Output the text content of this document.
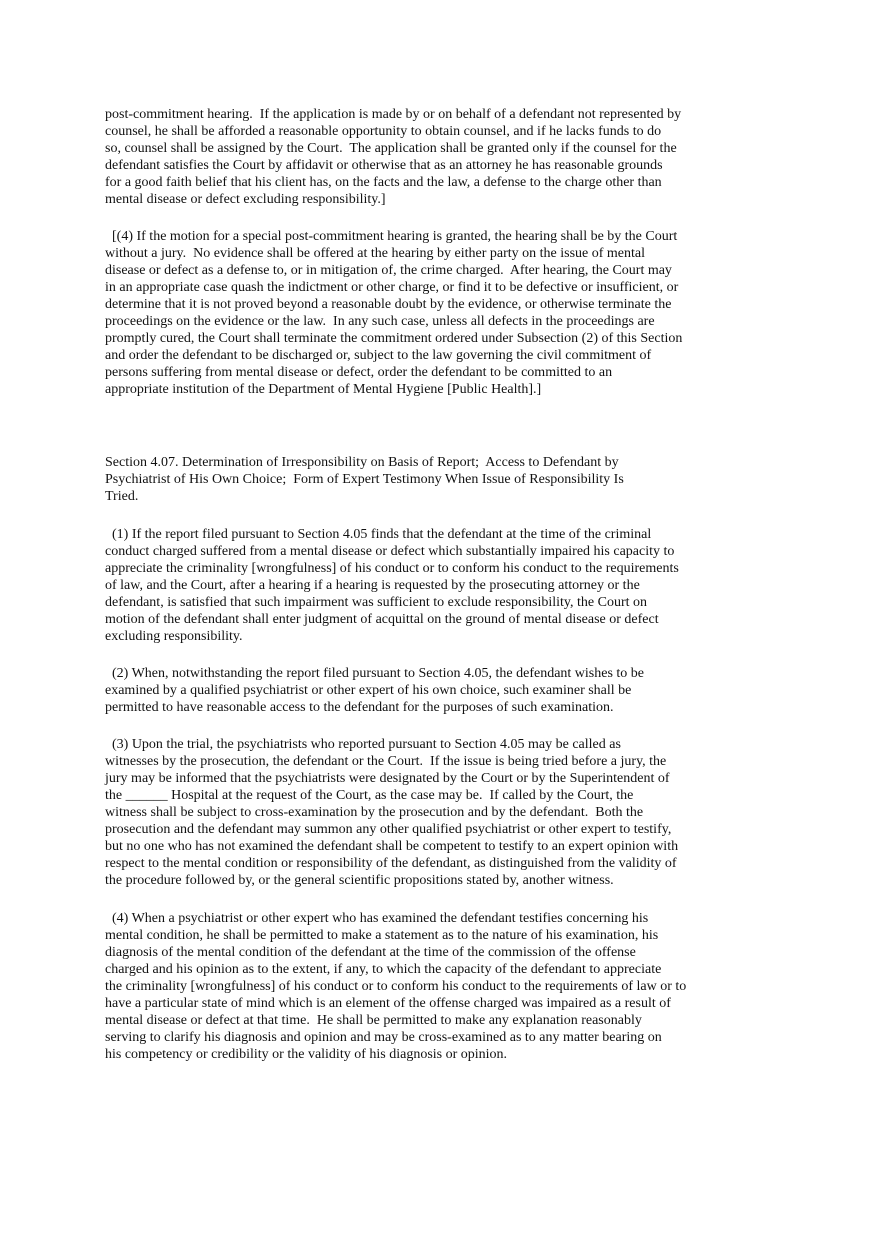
post-commitment hearing.  If the application is made by or on behalf of a defendant not represented by
counsel, he shall be afforded a reasonable opportunity to obtain counsel, and if he lacks funds to do
so, counsel shall be assigned by the Court.  The application shall be granted only if the counsel for the
defendant satisfies the Court by affidavit or otherwise that as an attorney he has reasonable grounds
for a good faith belief that his client has, on the facts and the law, a defense to the charge other than
mental disease or defect excluding responsibility.]
[(4) If the motion for a special post-commitment hearing is granted, the hearing shall be by the Court
without a jury.  No evidence shall be offered at the hearing by either party on the issue of mental
disease or defect as a defense to, or in mitigation of, the crime charged.  After hearing, the Court may
in an appropriate case quash the indictment or other charge, or find it to be defective or insufficient, or
determine that it is not proved beyond a reasonable doubt by the evidence, or otherwise terminate the
proceedings on the evidence or the law.  In any such case, unless all defects in the proceedings are
promptly cured, the Court shall terminate the commitment ordered under Subsection (2) of this Section
and order the defendant to be discharged or, subject to the law governing the civil commitment of
persons suffering from mental disease or defect, order the defendant to be committed to an
appropriate institution of the Department of Mental Hygiene [Public Health].]
Section 4.07. Determination of Irresponsibility on Basis of Report;  Access to Defendant by
Psychiatrist of His Own Choice;  Form of Expert Testimony When Issue of Responsibility Is
Tried.
(1) If the report filed pursuant to Section 4.05 finds that the defendant at the time of the criminal
conduct charged suffered from a mental disease or defect which substantially impaired his capacity to
appreciate the criminality [wrongfulness] of his conduct or to conform his conduct to the requirements
of law, and the Court, after a hearing if a hearing is requested by the prosecuting attorney or the
defendant, is satisfied that such impairment was sufficient to exclude responsibility, the Court on
motion of the defendant shall enter judgment of acquittal on the ground of mental disease or defect
excluding responsibility.
(2) When, notwithstanding the report filed pursuant to Section 4.05, the defendant wishes to be
examined by a qualified psychiatrist or other expert of his own choice, such examiner shall be
permitted to have reasonable access to the defendant for the purposes of such examination.
(3) Upon the trial, the psychiatrists who reported pursuant to Section 4.05 may be called as
witnesses by the prosecution, the defendant or the Court.  If the issue is being tried before a jury, the
jury may be informed that the psychiatrists were designated by the Court or by the Superintendent of
the ______ Hospital at the request of the Court, as the case may be.  If called by the Court, the
witness shall be subject to cross-examination by the prosecution and by the defendant.  Both the
prosecution and the defendant may summon any other qualified psychiatrist or other expert to testify,
but no one who has not examined the defendant shall be competent to testify to an expert opinion with
respect to the mental condition or responsibility of the defendant, as distinguished from the validity of
the procedure followed by, or the general scientific propositions stated by, another witness.
(4) When a psychiatrist or other expert who has examined the defendant testifies concerning his
mental condition, he shall be permitted to make a statement as to the nature of his examination, his
diagnosis of the mental condition of the defendant at the time of the commission of the offense
charged and his opinion as to the extent, if any, to which the capacity of the defendant to appreciate
the criminality [wrongfulness] of his conduct or to conform his conduct to the requirements of law or to
have a particular state of mind which is an element of the offense charged was impaired as a result of
mental disease or defect at that time.  He shall be permitted to make any explanation reasonably
serving to clarify his diagnosis and opinion and may be cross-examined as to any matter bearing on
his competency or credibility or the validity of his diagnosis or opinion.
